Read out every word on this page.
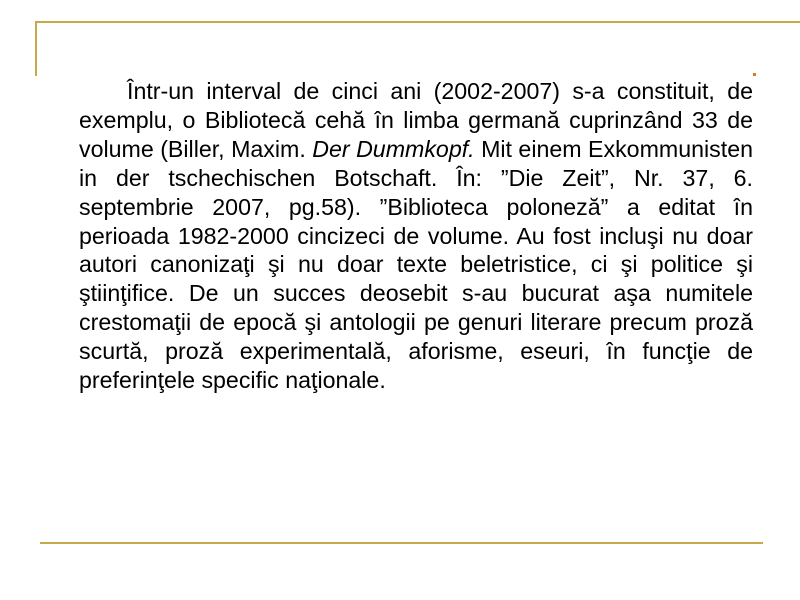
Într-un interval de cinci ani (2002-2007) s-a constituit, de exemplu, o Bibliotecă cehă în limba germană cuprinzând 33 de volume (Biller, Maxim. Der Dummkopf. Mit einem Exkommunisten in der tschechischen Botschaft. În: ”Die Zeit”, Nr. 37, 6. septembrie 2007, pg.58). ”Biblioteca poloneză” a editat în perioada 1982-2000 cincizeci de volume. Au fost incluşi nu doar autori canonizaţi şi nu doar texte beletristice, ci şi politice şi ştiinţifice. De un succes deosebit s-au bucurat aşa numitele crestomaţii de epocă şi antologii pe genuri literare precum proză scurtă, proză experimentală, aforisme, eseuri, în funcţie de preferinţele specific naţionale.
